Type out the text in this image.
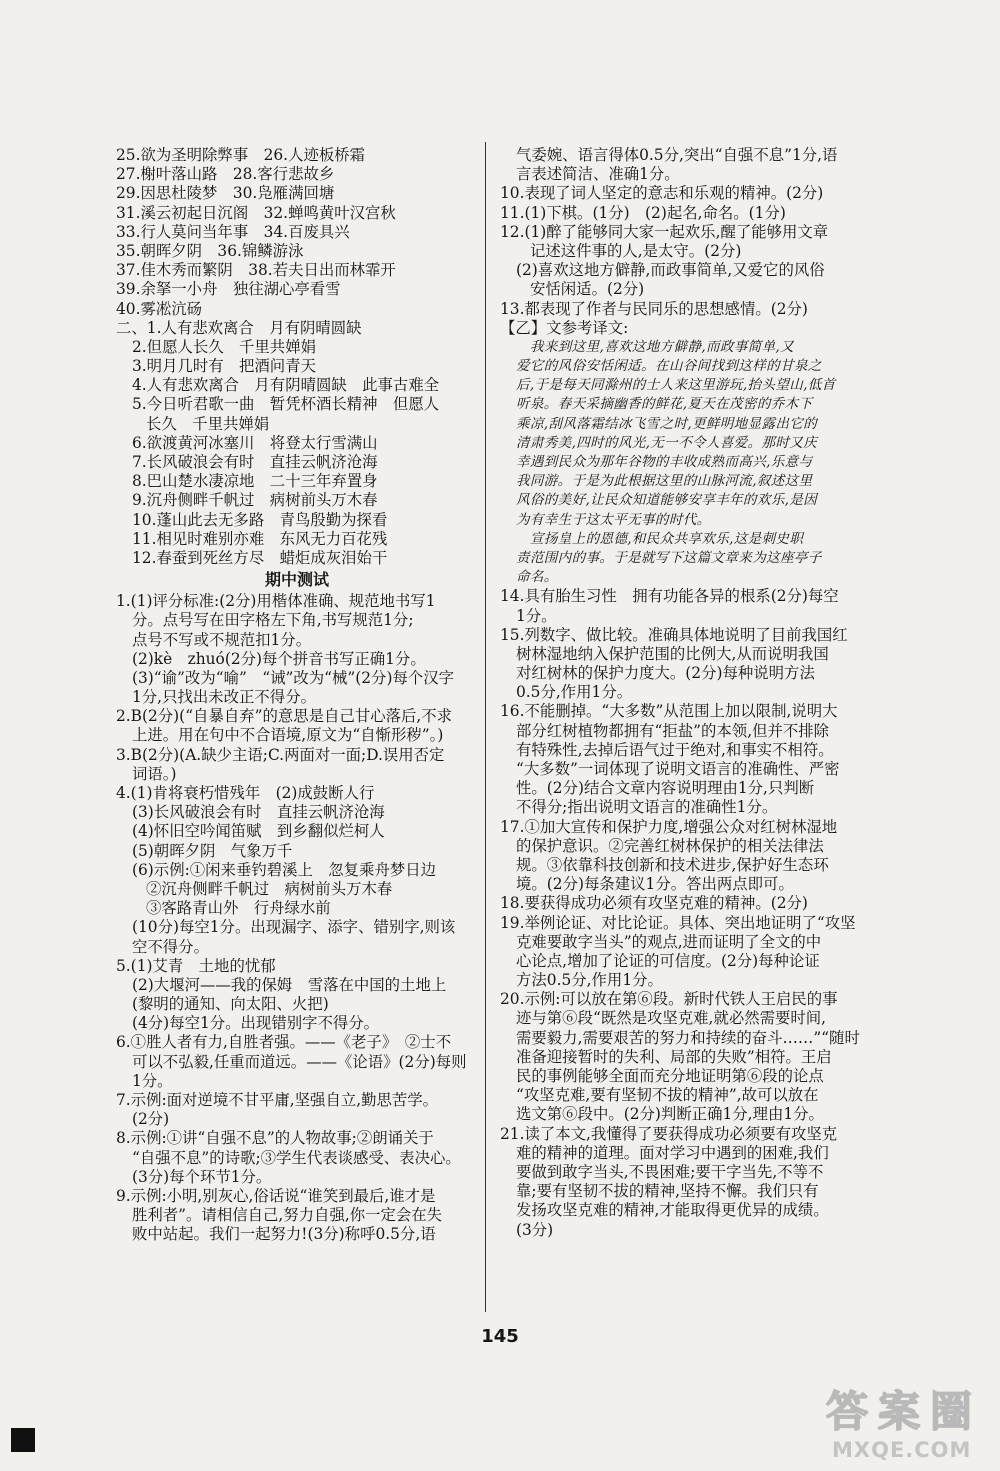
25.欲为圣明除弊事　26.人迹板桥霜
27.榭叶落山路　28.客行悲故乡
29.因思杜陵梦　30.凫雁满回塘
31.溪云初起日沉阁　32.蝉鸣黄叶汉宫秋
33.行人莫问当年事　34.百废具兴
35.朝晖夕阴　36.锦鳞游泳
37.佳木秀而繁阴　38.若夫日出而林霏开
39.余拏一小舟　独往湖心亭看雪
40.雾凇沆砀
二、1.人有悲欢离合　月有阴晴圆缺
2.但愿人长久　千里共婵娟
3.明月几时有　把酒问青天
4.人有悲欢离合　月有阴晴圆缺　此事古难全
5.今日听君歌一曲　暂凭杯酒长精神　但愿人
长久　千里共婵娟
6.欲渡黄河冰塞川　将登太行雪满山
7.长风破浪会有时　直挂云帆济沧海
8.巴山楚水凄凉地　二十三年弃置身
9.沉舟侧畔千帆过　病树前头万木春
10.蓬山此去无多路　青鸟殷勤为探看
11.相见时难别亦难　东风无力百花残
12.春蚕到死丝方尽　蜡炬成灰泪始干
期中测试
1.(1)评分标准:(2分)用楷体准确、规范地书写1
分。点号写在田字格左下角,书写规范1分;
点号不写或不规范扣1分。
(2)kè　zhuó(2分)每个拼音书写正确1分。
(3)“谕”改为“喻”　“诫”改为“械”(2分)每个汉字
1分,只找出未改正不得分。
2.B(2分)(“自暴自弃”的意思是自己甘心落后,不求
上进。用在句中不合语境,原文为“自惭形秽”。)
3.B(2分)(A.缺少主语;C.两面对一面;D.误用否定
词语。)
4.(1)肯将衰朽惜残年　(2)成鼓断人行
(3)长风破浪会有时　直挂云帆济沧海
(4)怀旧空吟闻笛赋　到乡翻似烂柯人
(5)朝晖夕阴　气象万千
(6)示例:①闲来垂钓碧溪上　忽复乘舟梦日边
②沉舟侧畔千帆过　病树前头万木春
③客路青山外　行舟绿水前
(10分)每空1分。出现漏字、添字、错别字,则该
空不得分。
5.(1)艾青　土地的忧郁
(2)大堰河——我的保姆　雪落在中国的土地上
(黎明的通知、向太阳、火把)
(4分)每空1分。出现错别字不得分。
6.①胜人者有力,自胜者强。——《老子》　②士不
可以不弘毅,任重而道远。——《论语》(2分)每则
1分。
7.示例:面对逆境不甘平庸,坚强自立,勤思苦学。
(2分)
8.示例:①讲“自强不息”的人物故事;②朗诵关于
“自强不息”的诗歌;③学生代表谈感受、表决心。
(3分)每个环节1分。
9.示例:小明,别灰心,俗话说“谁笑到最后,谁才是
胜利者”。请相信自己,努力自强,你一定会在失
败中站起。我们一起努力!(3分)称呼0.5分,语
气委婉、语言得体0.5分,突出“自强不息”1分,语
言表述简洁、准确1分。
10.表现了词人坚定的意志和乐观的精神。(2分)
11.(1)下棋。(1分)　(2)起名,命名。(1分)
12.(1)醉了能够同大家一起欢乐,醒了能够用文章
记述这件事的人,是太守。(2分)
(2)喜欢这地方僻静,而政事简单,又爱它的风俗
安恬闲适。(2分)
13.都表现了作者与民同乐的思想感情。(2分)
【乙】文参考译文:
我来到这里,喜欢这地方僻静,而政事简单,又
爱它的风俗安恬闲适。在山谷间找到这样的甘泉之
后,于是每天同滁州的士人来这里游玩,抬头望山,低首
听泉。春天采摘幽香的鲜花,夏天在茂密的乔木下
乘凉,刮风落霜结冰飞雪之时,更鲜明地显露出它的
清肃秀美,四时的风光,无一不令人喜爱。那时又庆
幸遇到民众为那年谷物的丰收成熟而高兴,乐意与
我同游。于是为此根据这里的山脉河流,叙述这里
风俗的美好,让民众知道能够安享丰年的欢乐,是因
为有幸生于这太平无事的时代。
宣扬皇上的恩德,和民众共享欢乐,这是刺史职
责范围内的事。于是就写下这篇文章来为这座亭子
命名。
14.具有胎生习性　拥有功能各异的根系(2分)每空
1分。
15.列数字、做比较。准确具体地说明了目前我国红
树林湿地纳入保护范围的比例大,从而说明我国
对红树林的保护力度大。(2分)每种说明方法
0.5分,作用1分。
16.不能删掉。“大多数”从范围上加以限制,说明大
部分红树植物都拥有“拒盐”的本领,但并不排除
有特殊性,去掉后语气过于绝对,和事实不相符。
“大多数”一词体现了说明文语言的准确性、严密
性。(2分)结合文章内容说明理由1分,只判断
不得分;指出说明文语言的准确性1分。
17.①加大宣传和保护力度,增强公众对红树林湿地
的保护意识。②完善红树林保护的相关法律法
规。③依靠科技创新和技术进步,保护好生态环
境。(2分)每条建议1分。答出两点即可。
18.要获得成功必须有攻坚克难的精神。(2分)
19.举例论证、对比论证。具体、突出地证明了“攻坚
克难要敢字当头”的观点,进而证明了全文的中
心论点,增加了论证的可信度。(2分)每种论证
方法0.5分,作用1分。
20.示例:可以放在第⑥段。新时代铁人王启民的事
迹与第⑥段“既然是攻坚克难,就必然需要时间,
需要毅力,需要艰苦的努力和持续的奋斗……”“随时
准备迎接暂时的失利、局部的失败”相符。王启
民的事例能够全面而充分地证明第⑥段的论点
“攻坚克难,要有坚韧不拔的精神”,故可以放在
选文第⑥段中。(2分)判断正确1分,理由1分。
21.读了本文,我懂得了要获得成功必须要有攻坚克
难的精神的道理。面对学习中遇到的困难,我们
要做到敢字当头,不畏困难;要干字当先,不等不
靠;要有坚韧不拔的精神,坚持不懈。我们只有
发扬攻坚克难的精神,才能取得更优异的成绩。
(3分)
145
答 案 圈
MXQE.COM
